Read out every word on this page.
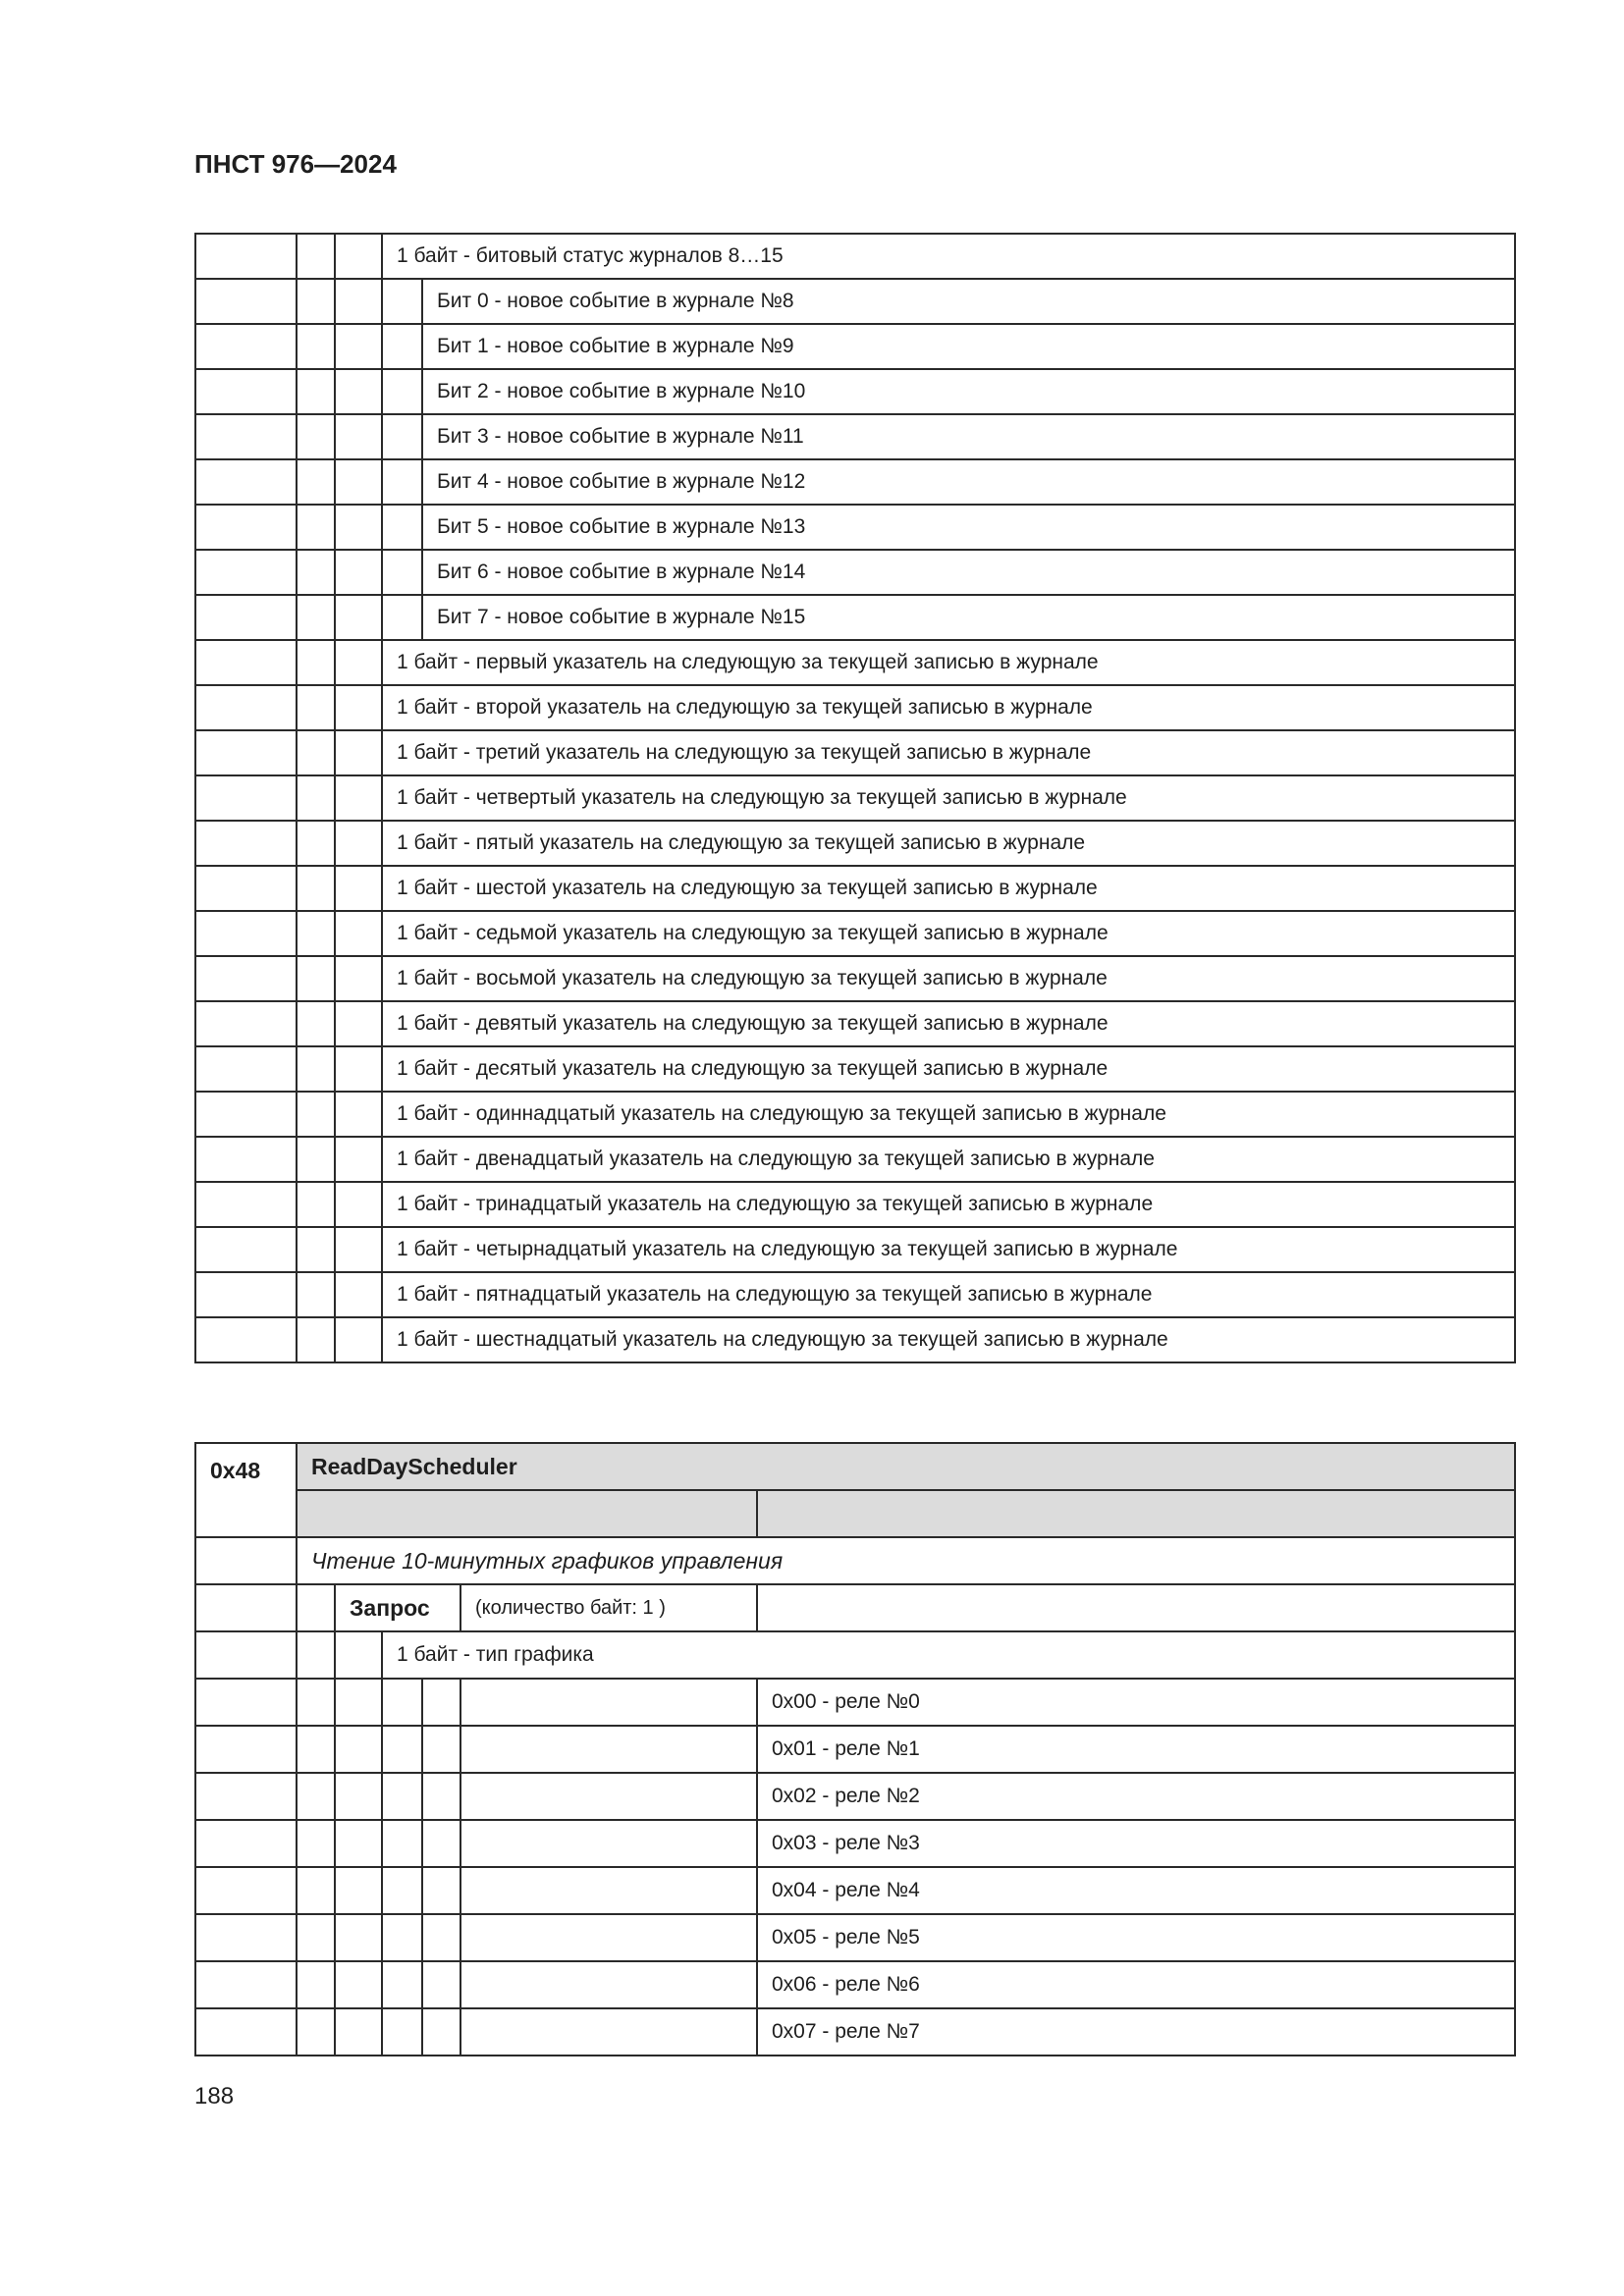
ПНСТ 976—2024
			1 байт - битовый статус журналов 8…15	
				Бит 0 - новое событие в журнале №8
				Бит 1 - новое событие в журнале №9
				Бит 2 - новое событие в журнале №10
				Бит 3 - новое событие в журнале №11
				Бит 4 - новое событие в журнале №12
				Бит 5 - новое событие в журнале №13
				Бит 6 - новое событие в журнале №14
				Бит 7 - новое событие в журнале №15
			1 байт - первый указатель на следующую за текущей записью в журнале	
			1 байт - второй указатель на следующую за текущей записью в журнале	
			1 байт - третий указатель на следующую за текущей записью в журнале	
			1 байт - четвертый указатель на следующую за текущей записью в журнале	
			1 байт - пятый указатель на следующую за текущей записью в журнале	
			1 байт - шестой указатель на следующую за текущей записью в журнале	
			1 байт - седьмой указатель на следующую за текущей записью в журнале	
			1 байт - восьмой указатель на следующую за текущей записью в журнале	
			1 байт - девятый указатель на следующую за текущей записью в журнале	
			1 байт - десятый указатель на следующую за текущей записью в журнале	
			1 байт - одиннадцатый указатель на следующую за текущей записью в журнале	
			1 байт - двенадцатый указатель на следующую за текущей записью в журнале	
			1 байт - тринадцатый указатель на следующую за текущей записью в журнале	
			1 байт - четырнадцатый указатель на следующую за текущей записью в журнале	
			1 байт - пятнадцатый указатель на следующую за текущей записью в журнале	
			1 байт - шестнадцатый указатель на следующую за текущей записью в журнале	
0x48	ReadDayScheduler					

	Чтение 10-минутных графиков управления					
		Запрос			(количество байт: 1 )	
			1 байт - тип графика			
						0x00 - реле №0
						0x01 - реле №1
						0x02 - реле №2
						0x03 - реле №3
						0x04 - реле №4
						0x05 - реле №5
						0x06 - реле №6
						0x07 - реле №7
188
